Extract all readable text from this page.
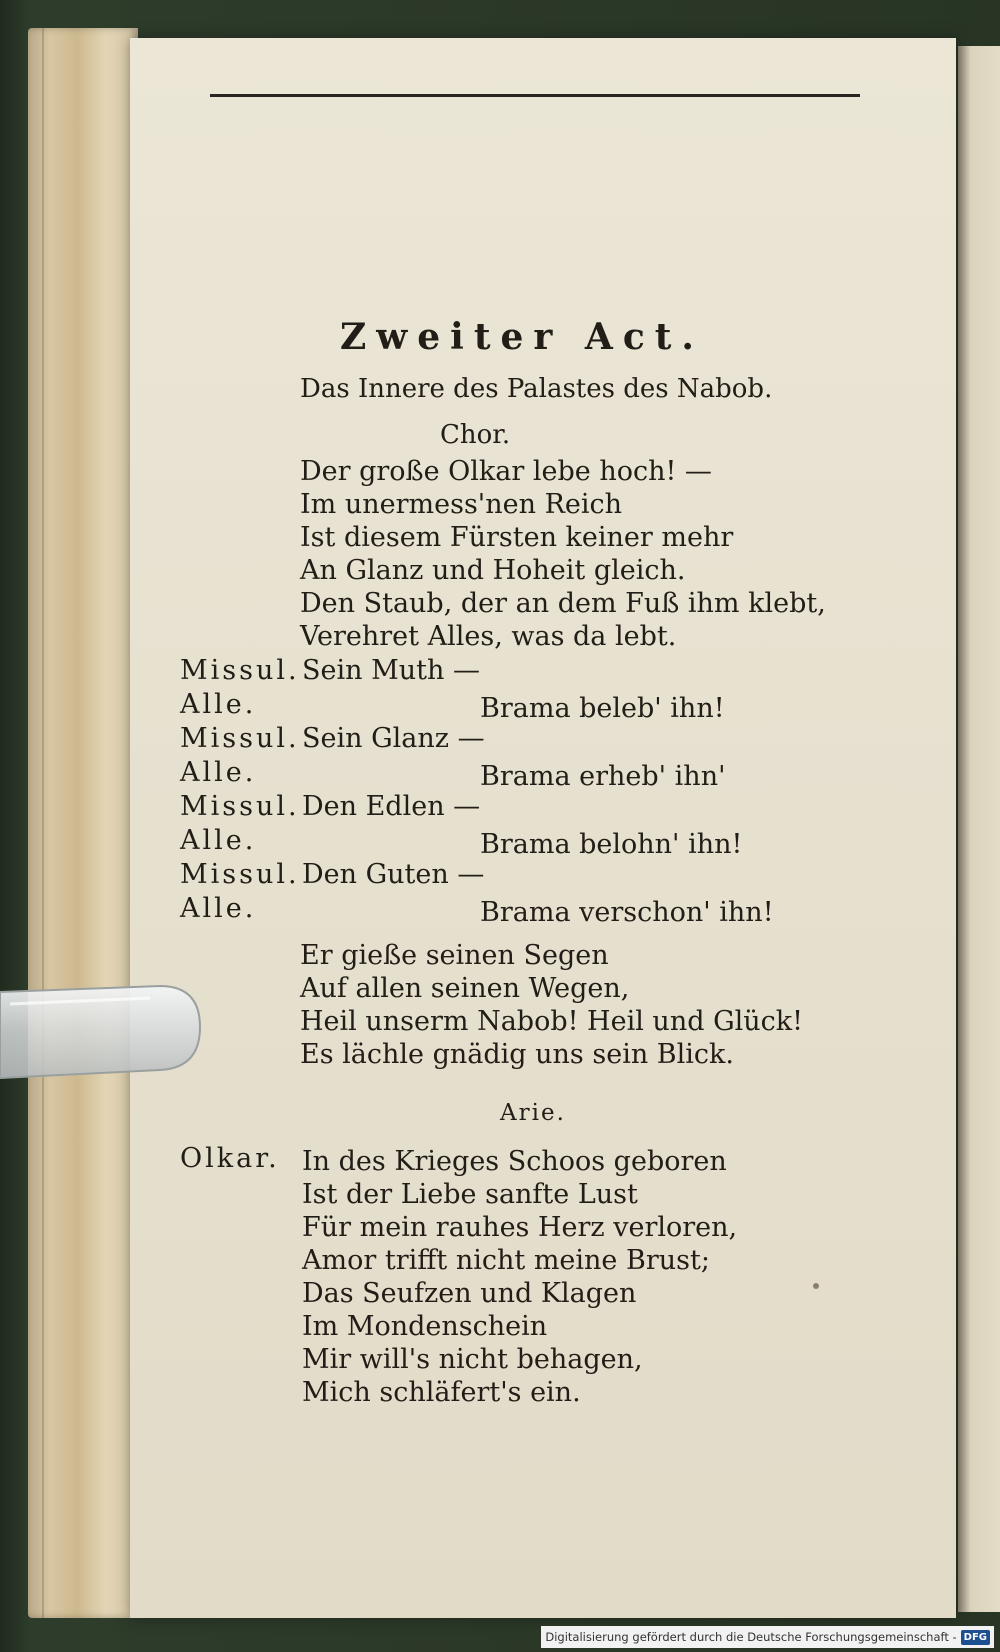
Zweiter Act.
Das Innere des Palastes des Nabob.
Chor.
Der große Olkar lebe hoch! —
Im unermess'nen Reich
Ist diesem Fürsten keiner mehr
An Glanz und Hoheit gleich.
Den Staub, der an dem Fuß ihm klebt,
Verehret Alles, was da lebt.
Missul. Sein Muth —
Alle.	Brama beleb' ihn!
Missul. Sein Glanz —
Alle.	Brama erheb' ihn'
Missul. Den Edlen —
Alle.	Brama belohn' ihn!
Missul. Den Guten —
Alle.	Brama verschon' ihn!
Er gieße seinen Segen
Auf allen seinen Wegen,
Heil unserm Nabob! Heil und Glück!
Es lächle gnädig uns sein Blick.
Arie.
Olkar. In des Krieges Schoos geboren
Ist der Liebe sanfte Lust
Für mein rauhes Herz verloren,
Amor trifft nicht meine Brust;
Das Seufzen und Klagen
Im Mondenschein
Mir will's nicht behagen,
Mich schläfert's ein.
Digitalisierung gefördert durch die Deutsche Forschungsgemeinschaft - DFG
